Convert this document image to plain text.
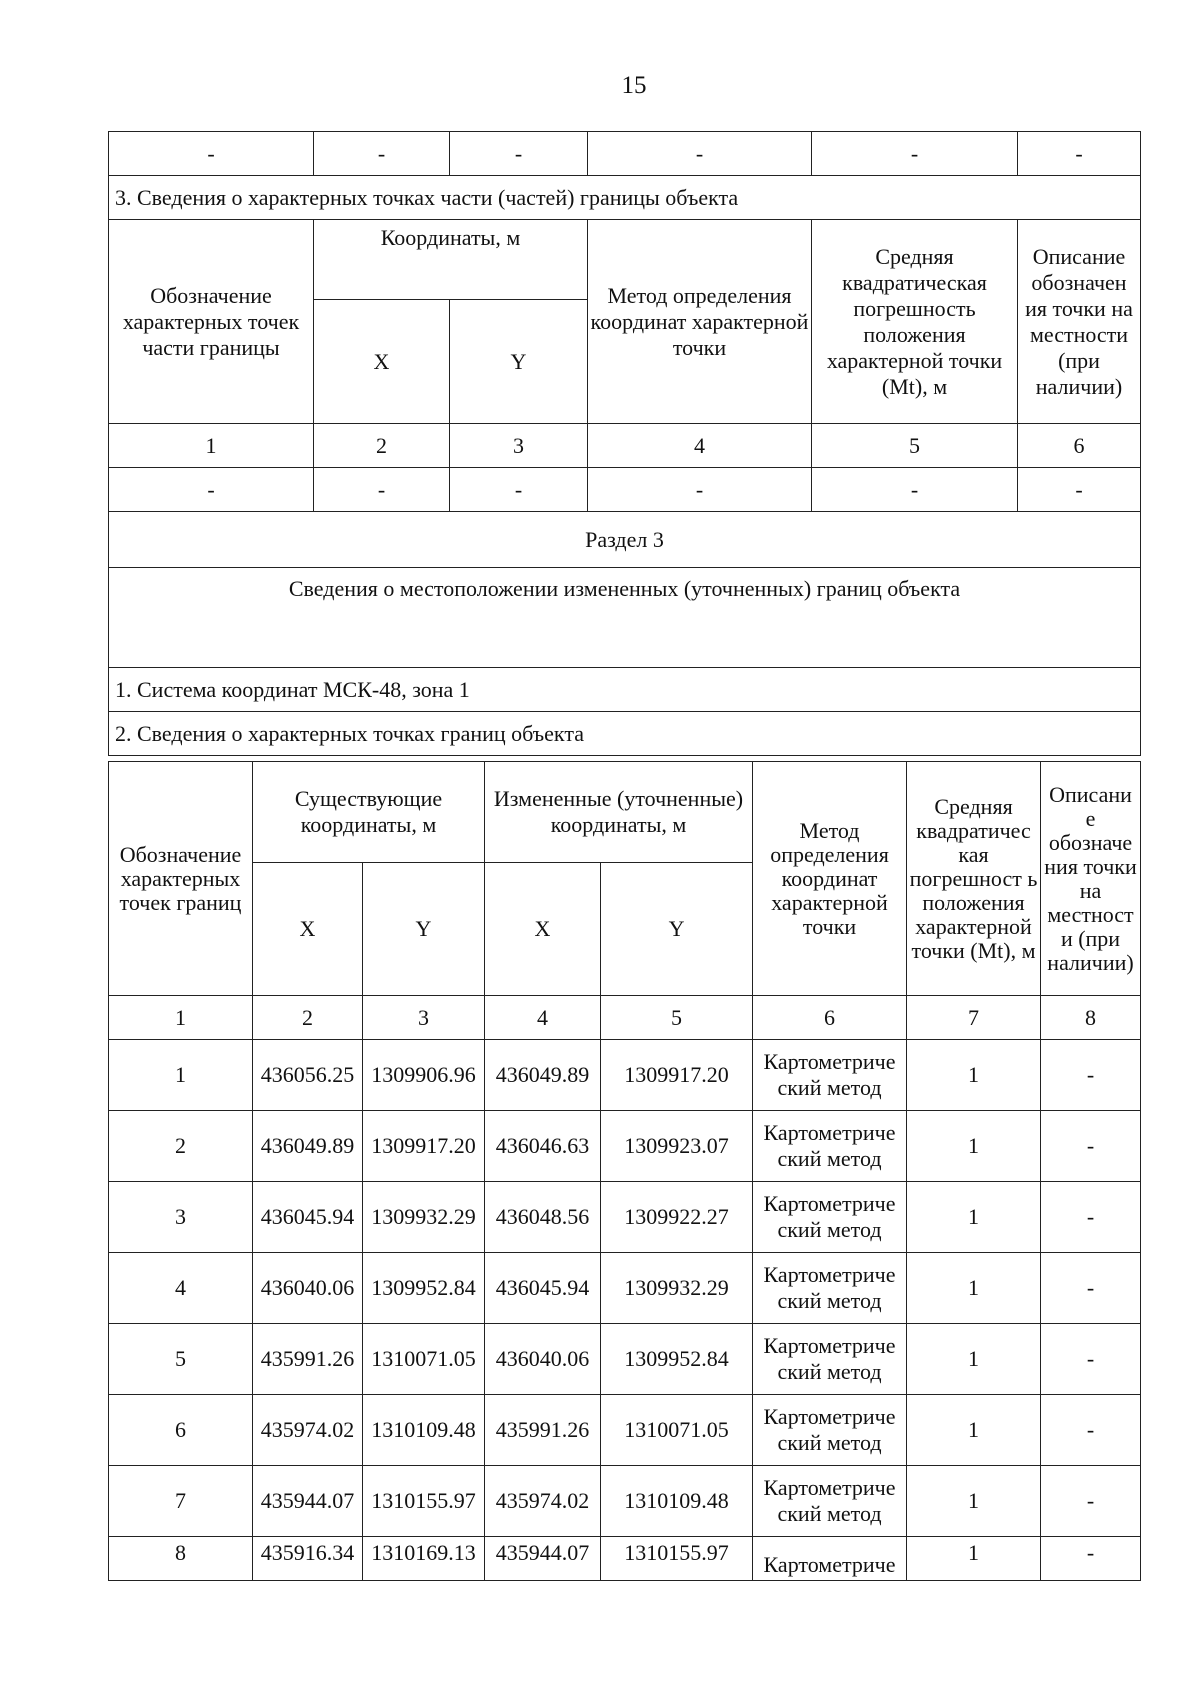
15
-	-	-	-	-	-
3. Сведения о характерных точках части (частей) границы объекта					
Обозначение характерных точек части границы	Координаты, м		Метод определения координат характерной точки	Средняя квадратическая погрешность положения характерной точки (Mt), м	Описание обозначен ия точки на местности (при наличии)
	X	Y			
1	2	3	4	5	6
-	-	-	-	-	-
Раздел 3					
Сведения о местоположении измененных (уточненных) границ объекта					
1. Система координат МСК-48, зона 1					
2. Сведения о характерных точках границ объекта					
Обозначение характерных точек границ	Существующие координаты, м		Измененные (уточненные) координаты, м		Метод определения координат характерной точки	Средняя квадратичес кая погрешност ь положения характерной точки (Mt), м	Описани е обозначе ния точки на местност и (при наличии)
	X	Y	X	Y			
1	2	3	4	5	6	7	8
1	436056.25	1309906.96	436049.89	1309917.20	Картометриче ский метод	1	-
2	436049.89	1309917.20	436046.63	1309923.07	Картометриче ский метод	1	-
3	436045.94	1309932.29	436048.56	1309922.27	Картометриче ский метод	1	-
4	436040.06	1309952.84	436045.94	1309932.29	Картометриче ский метод	1	-
5	435991.26	1310071.05	436040.06	1309952.84	Картометриче ский метод	1	-
6	435974.02	1310109.48	435991.26	1310071.05	Картометриче ский метод	1	-
7	435944.07	1310155.97	435974.02	1310109.48	Картометриче ский метод	1	-
8	435916.34	1310169.13	435944.07	1310155.97	Картометриче	1	-
